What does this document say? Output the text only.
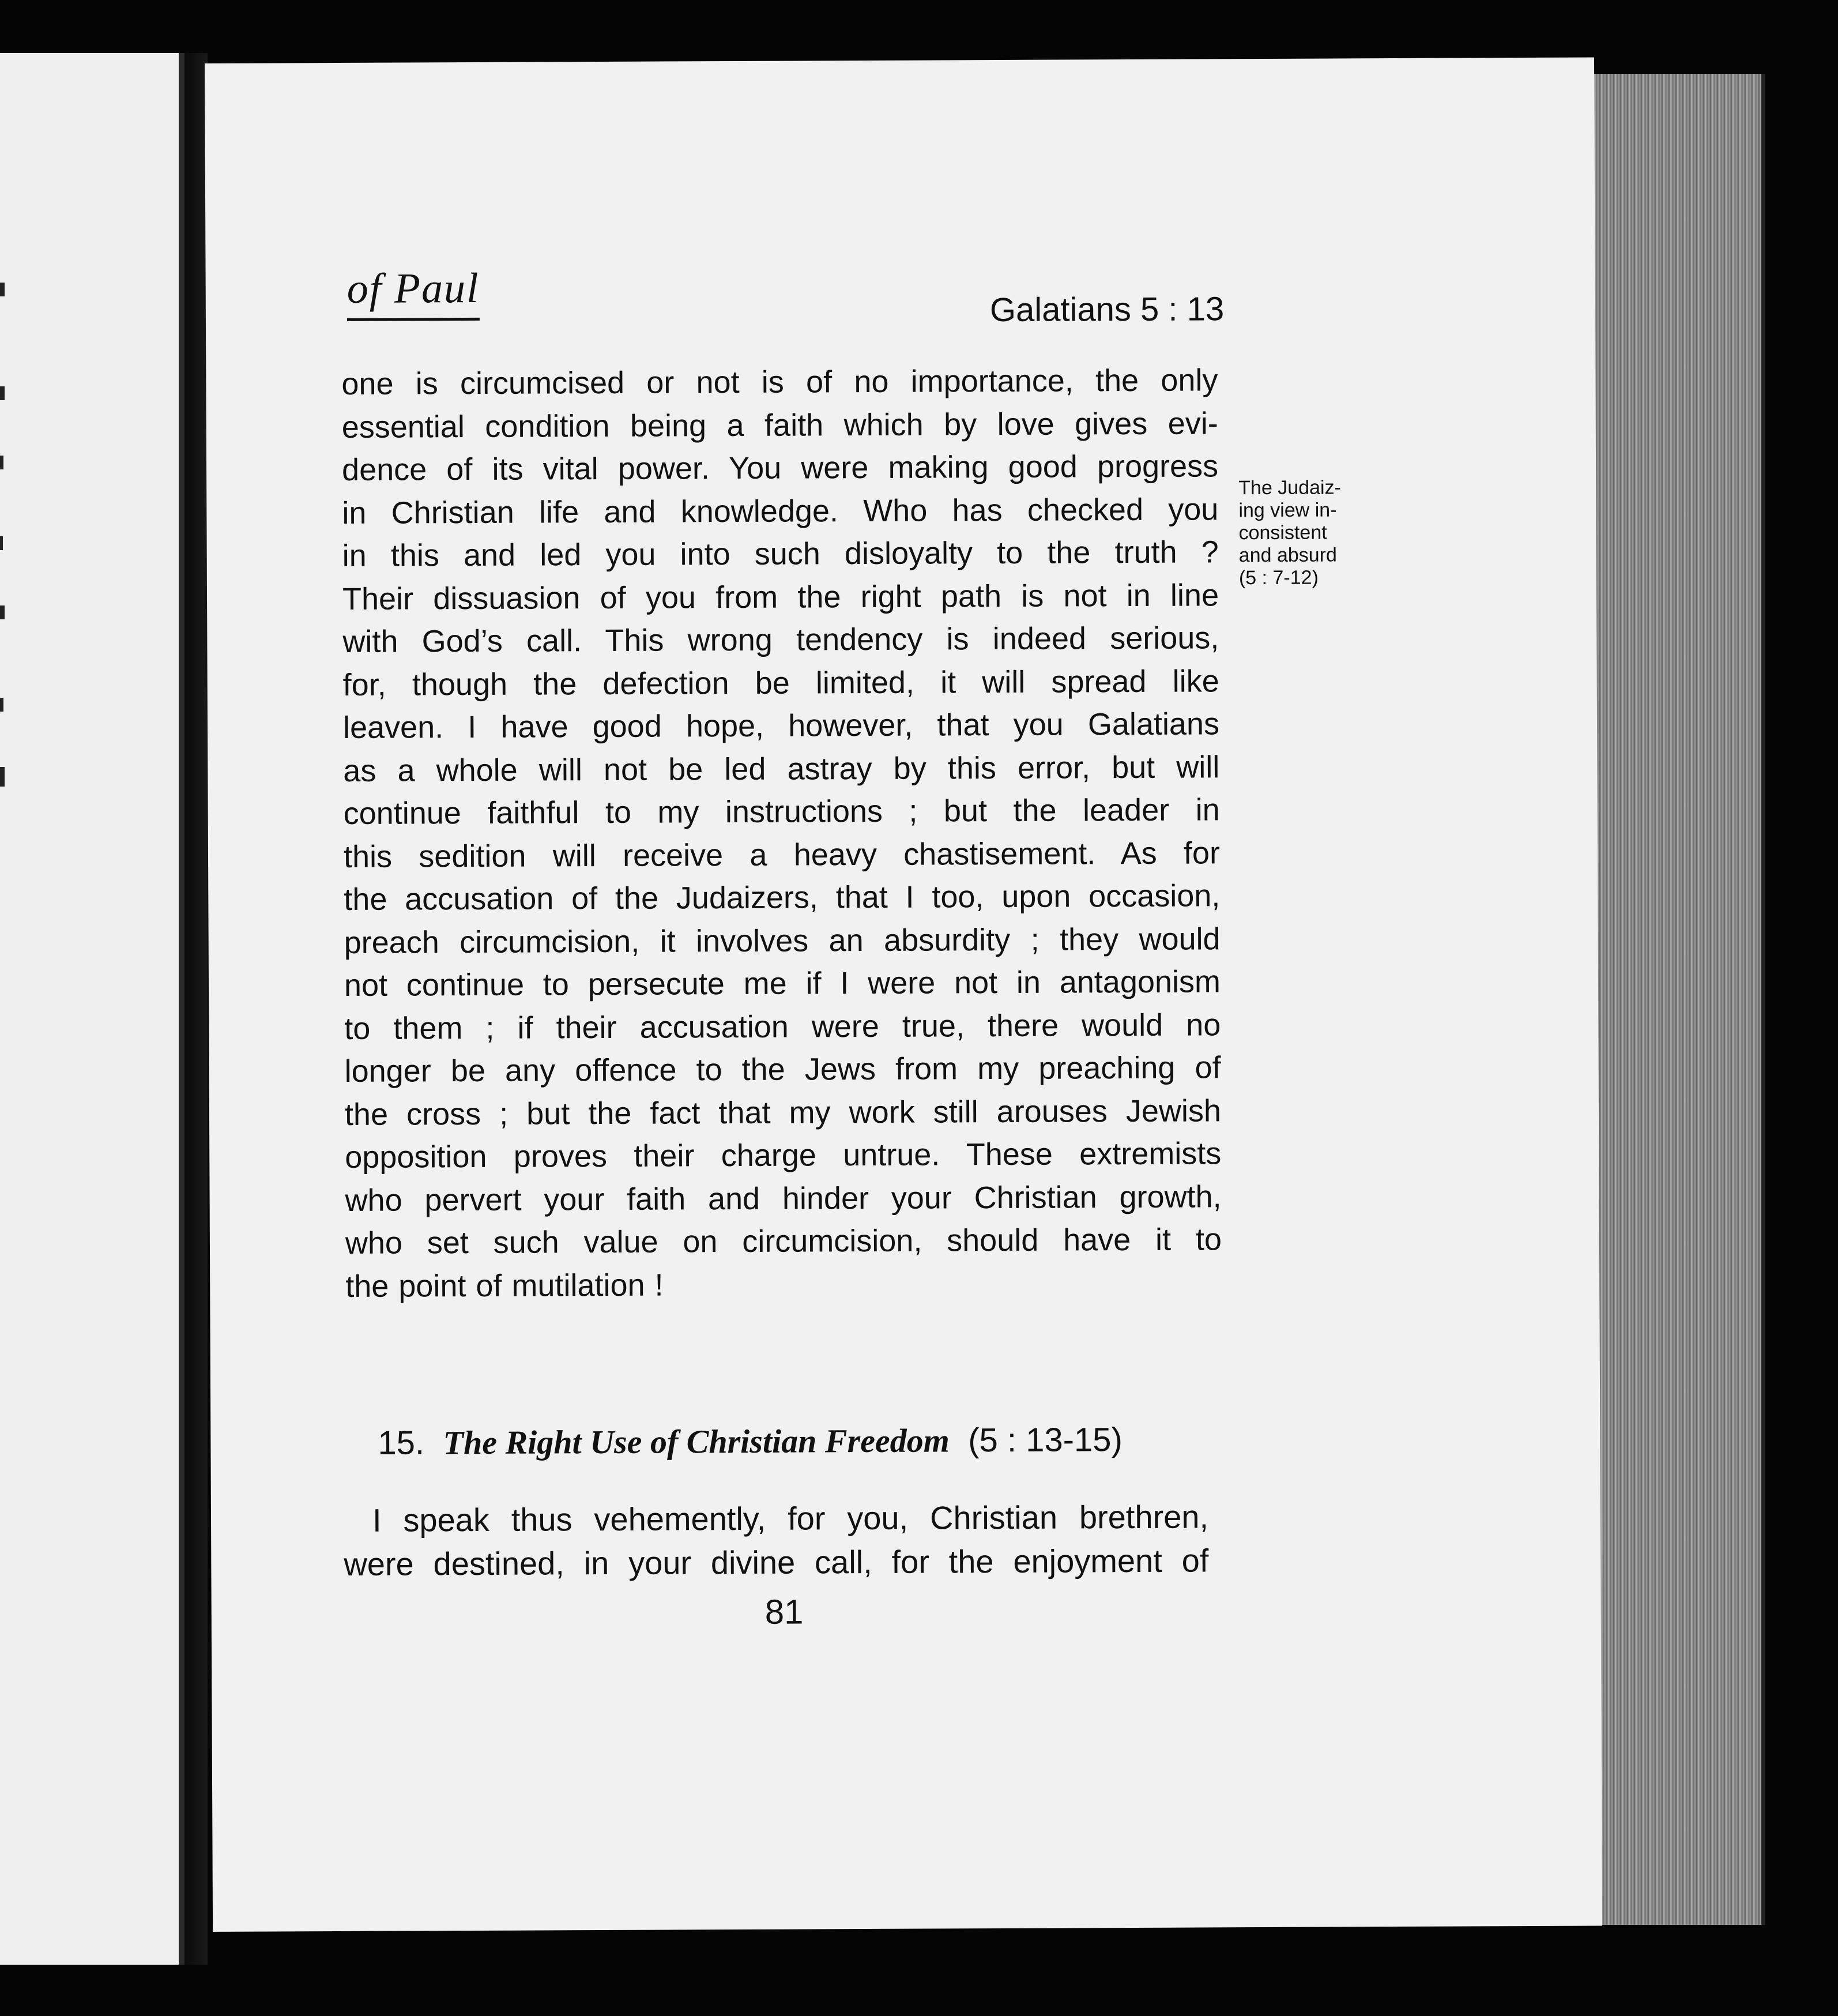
of Paul	Galatians 5 : 13
one is circumcised or not is of no importance, the only
essential condition being a faith which by love gives evi-
dence of its vital power. You were making good progress
in Christian life and knowledge. Who has checked you
in this and led you into such disloyalty to the truth ?
Their dissuasion of you from the right path is not in line
with God’s call. This wrong tendency is indeed serious,
for, though the defection be limited, it will spread like
leaven. I have good hope, however, that you Galatians
as a whole will not be led astray by this error, but will
continue faithful to my instructions ; but the leader in
this sedition will receive a heavy chastisement. As for
the accusation of the Judaizers, that I too, upon occasion,
preach circumcision, it involves an absurdity ; they would
not continue to persecute me if I were not in antagonism
to them ; if their accusation were true, there would no
longer be any offence to the Jews from my preaching of
the cross ; but the fact that my work still arouses Jewish
opposition proves their charge untrue. These extremists
who pervert your faith and hinder your Christian growth,
who set such value on circumcision, should have it to
the point of mutilation !
The Judaiz-
ing view in-
consistent
and absurd
(5 : 7-12)
15. The Right Use of Christian Freedom (5 : 13-15)
I speak thus vehemently, for you, Christian brethren,
were destined, in your divine call, for the enjoyment of
81
